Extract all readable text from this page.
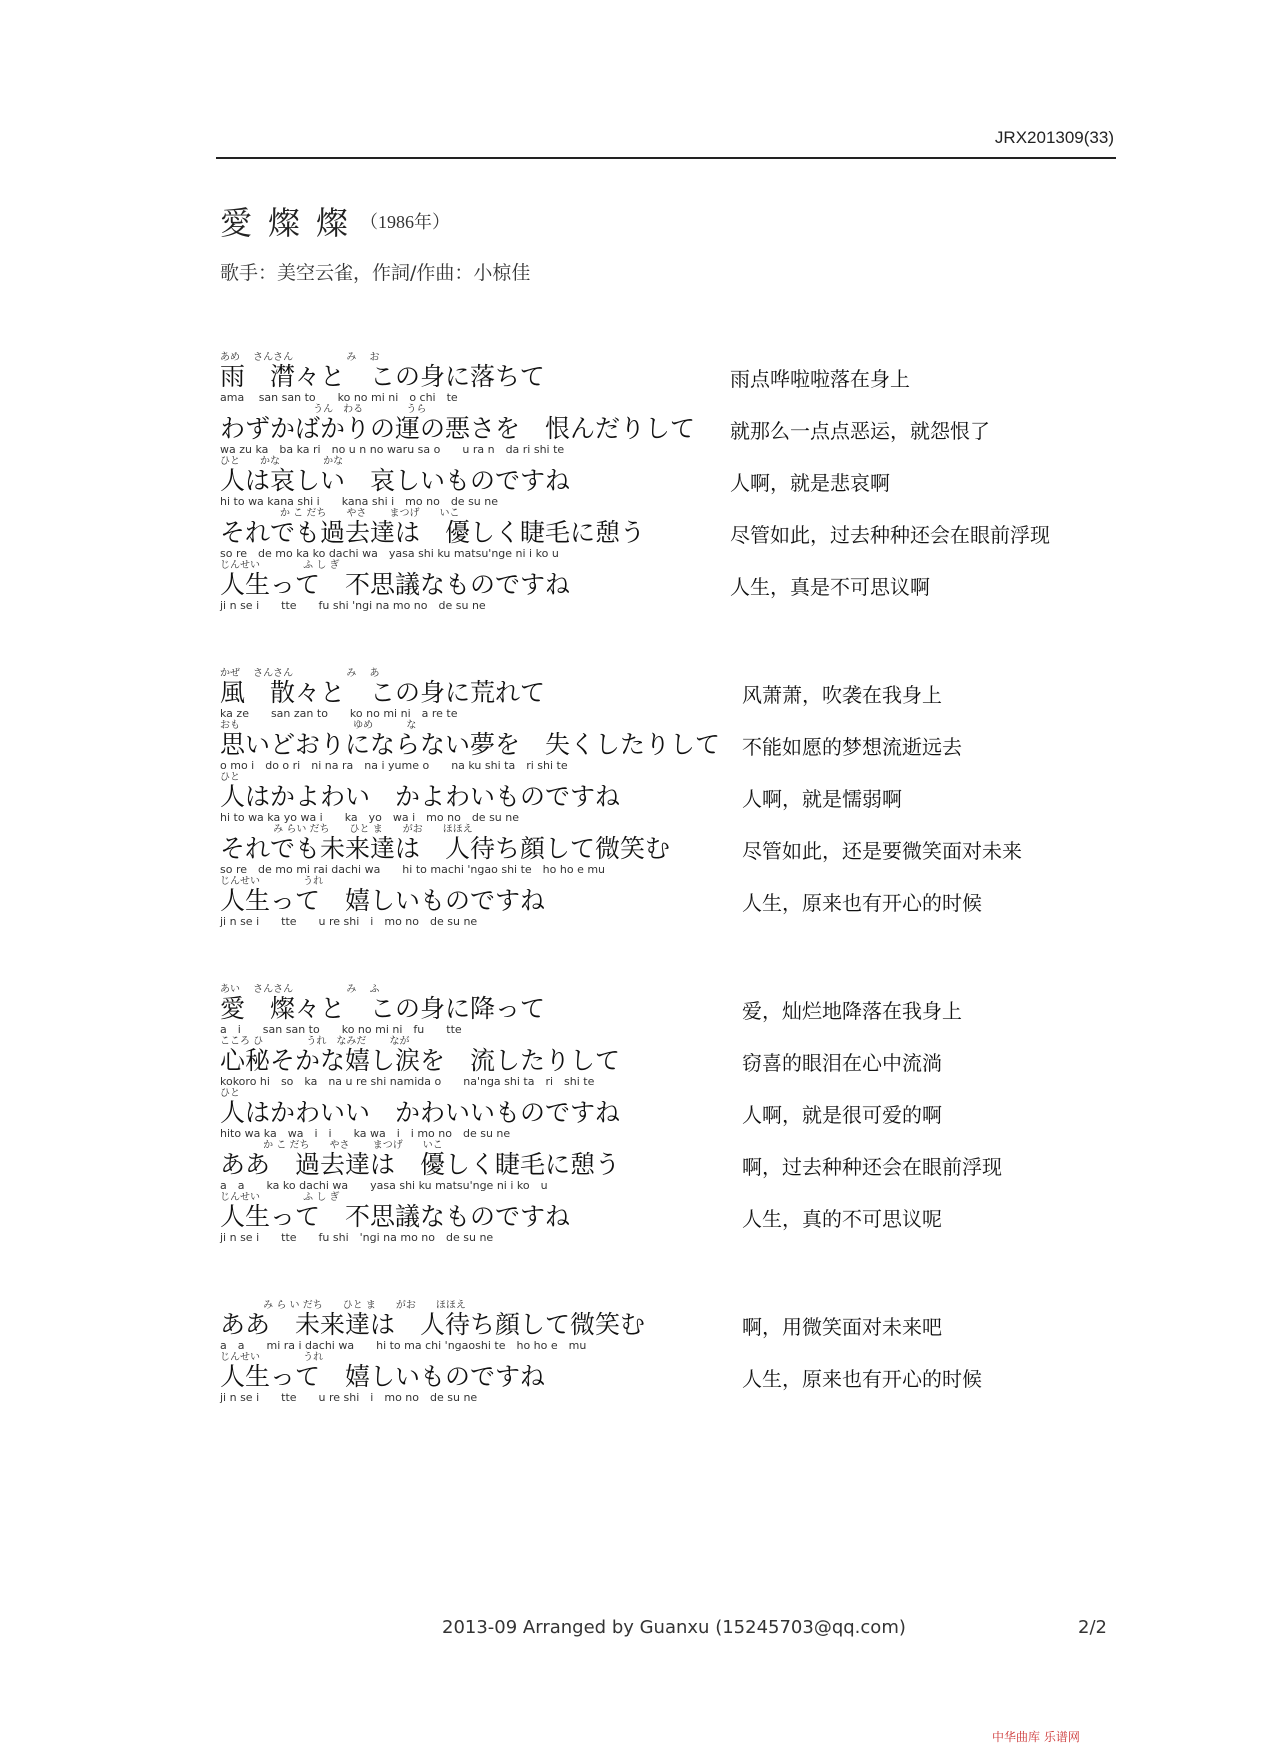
JRX201309(33)
愛燦燦
（1986年）
歌手：美空云雀，作詞/作曲：小椋佳
あめ　 さんさん　　　　　 み　 お
雨　潸々と　この身に落ちて
ama　 san san to　　ko no mi ni　o chi　te
雨点哗啦啦落在身上
　　　　　　　　　 うん　わる　　　　 うら
わずかばかりの運の悪さを　恨んだりして
wa zu ka　ba ka ri　no u n no waru sa o　　u ra n　da ri shi te
就那么一点点恶运，就怨恨了
ひと　　かな　　　　 かな
人は哀しい　哀しいものですね
hi to wa kana shi i　　kana shi i　mo no　de su ne
人啊，就是悲哀啊
　　　　　　か こ だち　　やさ　　 まつげ　　いこ
それでも過去達は　優しく睫毛に憩う
so re　de mo ka ko dachi wa　yasa shi ku matsu'nge ni i ko u
尽管如此，过去种种还会在眼前浮现
じんせい　　　　 ふ し ぎ
人生って　不思議なものですね
ji n se i　　tte　　fu shi 'ngi na mo no　de su ne
人生，真是不可思议啊
かぜ　 さんさん　　　　　 み　 あ
風　散々と　この身に荒れて
ka ze　　san zan to　　ko no mi ni　a re te
风萧萧，吹袭在我身上
おも　　　　　　　　　　　 ゆめ　　　 な
思いどおりにならない夢を　失くしたりして
o mo i　do o ri　ni na ra　na i yume o　　na ku shi ta　ri shi te
不能如愿的梦想流逝远去
ひと
人はかよわい　かよわいものですね
hi to wa ka yo wa i　　ka　yo　wa i　mo no　de su ne
人啊，就是懦弱啊
　　　　　 み らい だち　　ひと ま　　がお　　ほほえ
それでも未来達は　人待ち顔して微笑む
so re　de mo mi rai dachi wa　　hi to machi 'ngao shi te　ho ho e mu
尽管如此，还是要微笑面对未来
じんせい　　　　 うれ
人生って　嬉しいものですね
ji n se i　　tte　　u re shi　i　mo no　de su ne
人生，原来也有开心的时候
あい　 さんさん　　　　　 み　 ふ
愛　燦々と　この身に降って
a　i　　san san to　　ko no mi ni　fu　　tte
爱，灿烂地降落在我身上
こころ ひ　　　　 うれ　なみだ　　 なが
心秘そかな嬉し涙を　流したりして
kokoro hi　so　ka　na u re shi namida o　　na'nga shi ta　ri　shi te
窃喜的眼泪在心中流淌
ひと
人はかわいい　かわいいものですね
hito wa ka　wa　i　i　　ka wa　i　i mo no　de su ne
人啊，就是很可爱的啊
　　　　 か こ だち　　やさ　　 まつげ　　いこ
ああ　過去達は　優しく睫毛に憩う
a　a　　ka ko dachi wa　　yasa shi ku matsu'nge ni i ko　u
啊，过去种种还会在眼前浮现
じんせい　　　　 ふ し ぎ
人生って　不思議なものですね
ji n se i　　tte　　fu shi　'ngi na mo no　de su ne
人生，真的不可思议呢
　　　　 み ら い だち　　ひと ま　　がお　　ほほえ
ああ　未来達は　人待ち顔して微笑む
a　a　　mi ra i dachi wa　　hi to ma chi 'ngaoshi te　ho ho e　mu
啊，用微笑面对未来吧
じんせい　　　　 うれ
人生って　嬉しいものですね
ji n se i　　tte　　u re shi　i　mo no　de su ne
人生，原来也有开心的时候
2013-09 Arranged by Guanxu (15245703@qq.com)	2/2
中华曲库 乐谱网
